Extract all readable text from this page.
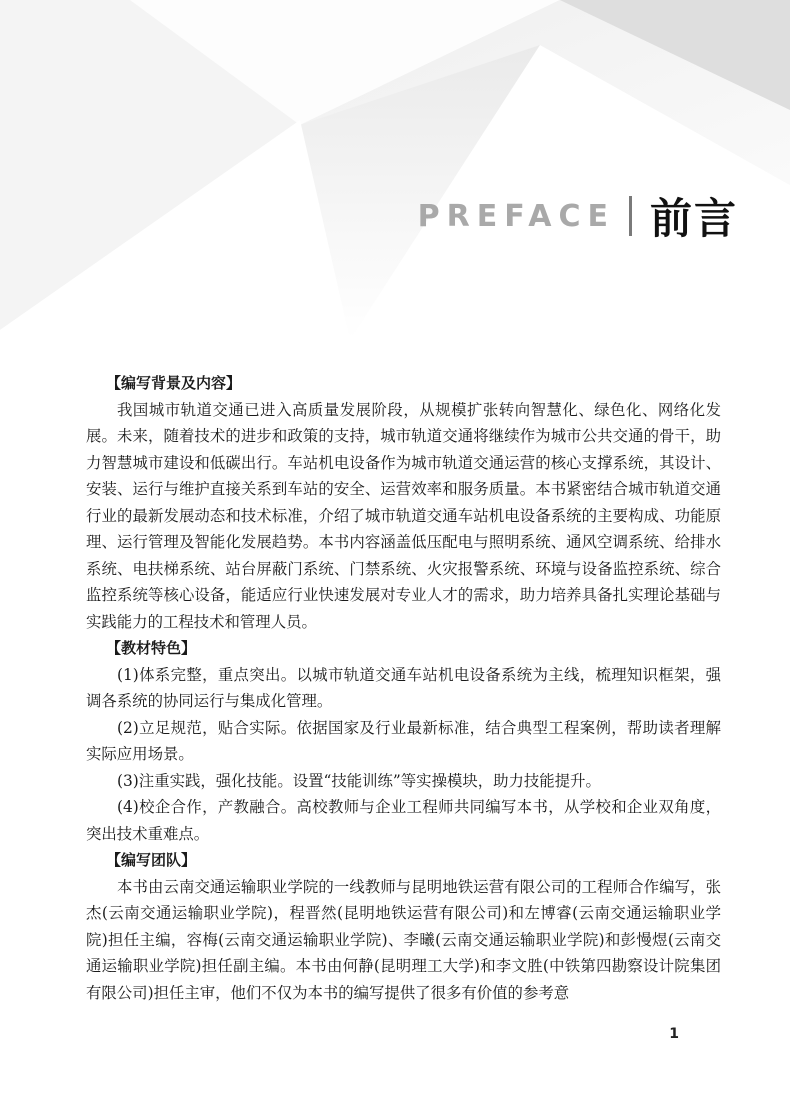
PREFACE 前言

【编写背景及内容】

我国城市轨道交通已进入高质量发展阶段，从规模扩张转向智慧化、绿色化、网络化发展。未来，随着技术的进步和政策的支持，城市轨道交通将继续作为城市公共交通的骨干，助力智慧城市建设和低碳出行。车站机电设备作为城市轨道交通运营的核心支撑系统，其设计、安装、运行与维护直接关系到车站的安全、运营效率和服务质量。本书紧密结合城市轨道交通行业的最新发展动态和技术标准，介绍了城市轨道交通车站机电设备系统的主要构成、功能原理、运行管理及智能化发展趋势。本书内容涵盖低压配电与照明系统、通风空调系统、给排水系统、电扶梯系统、站台屏蔽门系统、门禁系统、火灾报警系统、环境与设备监控系统、综合监控系统等核心设备，能适应行业快速发展对专业人才的需求，助力培养具备扎实理论基础与实践能力的工程技术和管理人员。

【教材特色】

(1)体系完整，重点突出。以城市轨道交通车站机电设备系统为主线，梳理知识框架，强调各系统的协同运行与集成化管理。

(2)立足规范，贴合实际。依据国家及行业最新标准，结合典型工程案例，帮助读者理解实际应用场景。

(3)注重实践，强化技能。设置“技能训练”等实操模块，助力技能提升。

(4)校企合作，产教融合。高校教师与企业工程师共同编写本书，从学校和企业双角度，突出技术重难点。

【编写团队】

本书由云南交通运输职业学院的一线教师与昆明地铁运营有限公司的工程师合作编写，张杰(云南交通运输职业学院)，程晋然(昆明地铁运营有限公司)和左博睿(云南交通运输职业学院)担任主编，容梅(云南交通运输职业学院)、李曦(云南交通运输职业学院)和彭慢煜(云南交通运输职业学院)担任副主编。本书由何静(昆明理工大学)和李文胜(中铁第四勘察设计院集团有限公司)担任主审，他们不仅为本书的编写提供了很多有价值的参考意

1
